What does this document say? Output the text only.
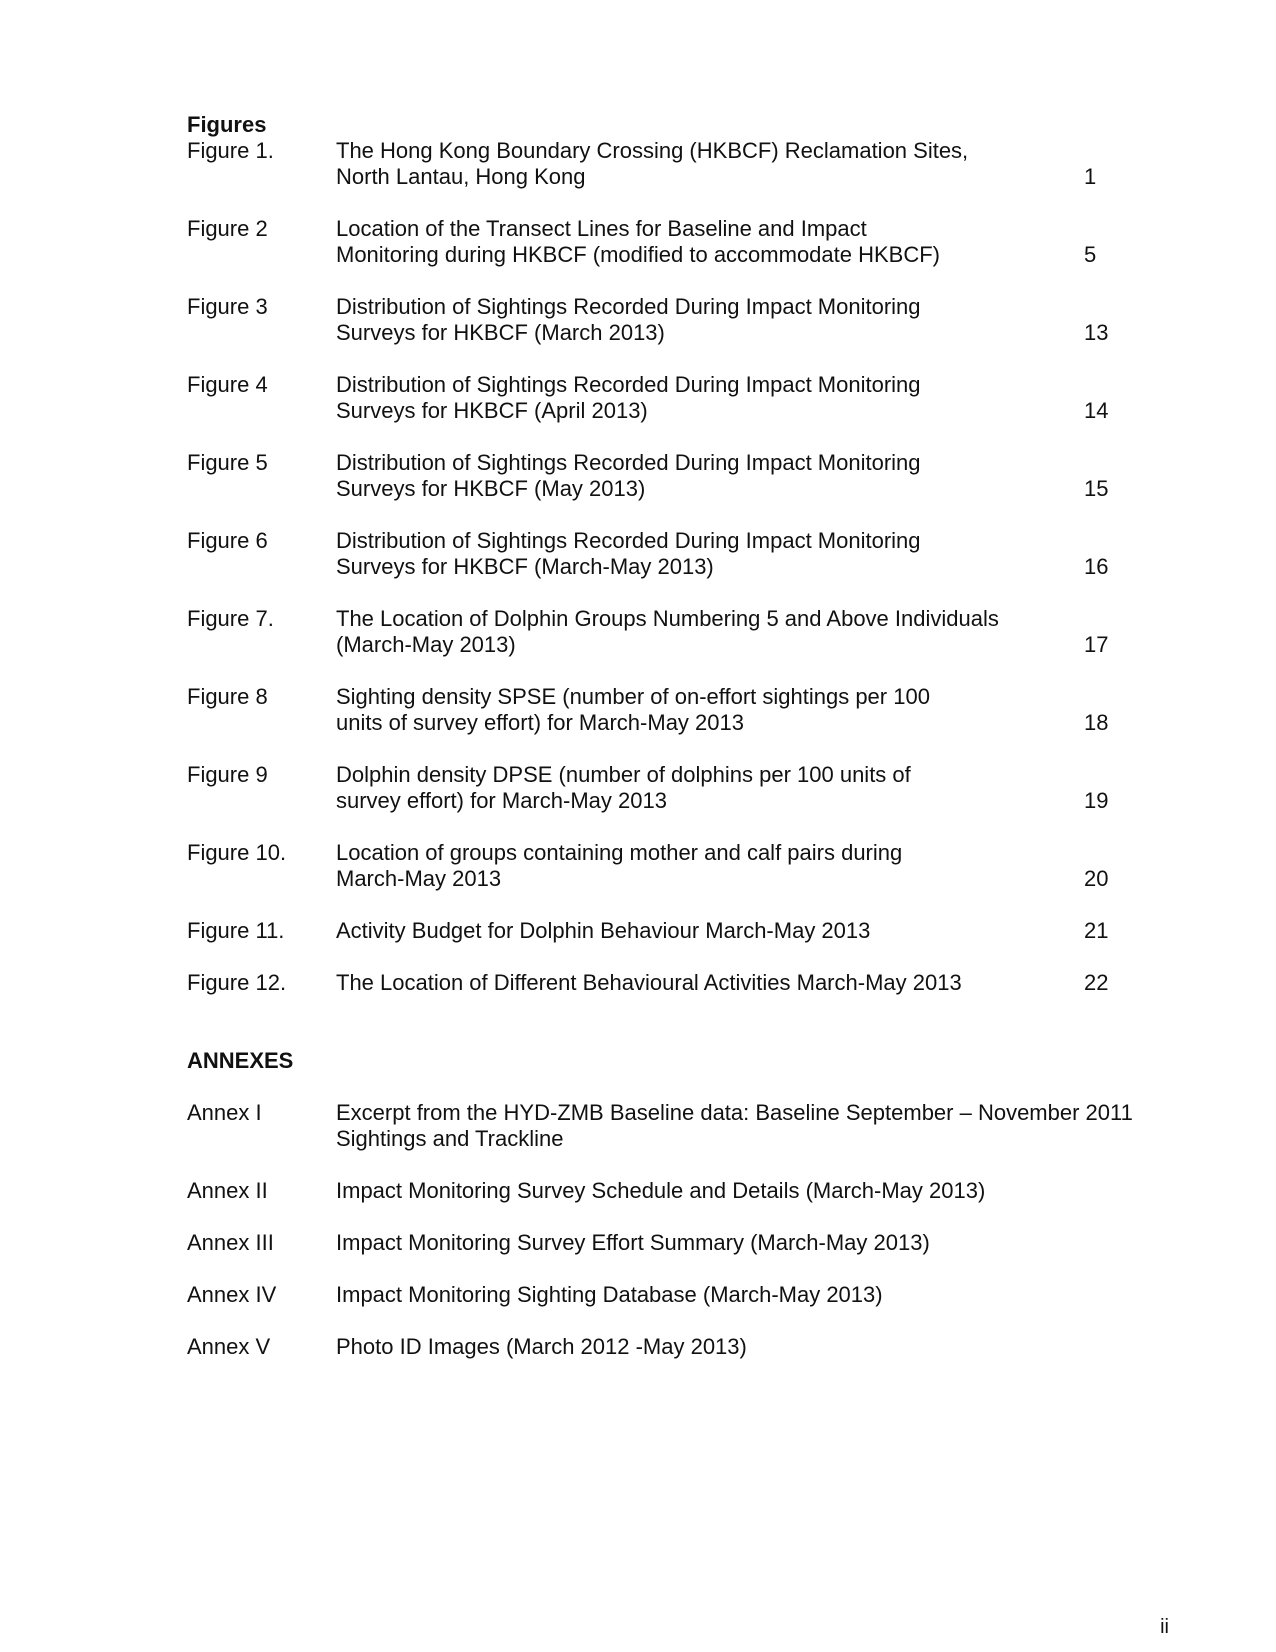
Figures
Figure 1.	The Hong Kong Boundary Crossing (HKBCF) Reclamation Sites,
North Lantau, Hong Kong	1
Figure 2	Location of the Transect Lines for Baseline and Impact
Monitoring during HKBCF (modified to accommodate HKBCF)	5
Figure 3	Distribution of Sightings Recorded During Impact Monitoring
Surveys for HKBCF (March 2013)	13
Figure 4	Distribution of Sightings Recorded During Impact Monitoring
Surveys for HKBCF (April 2013)	14
Figure 5	Distribution of Sightings Recorded During Impact Monitoring
Surveys for HKBCF (May 2013)	15
Figure 6	Distribution of Sightings Recorded During Impact Monitoring
Surveys for HKBCF (March-May 2013)	16
Figure 7.	The Location of Dolphin Groups Numbering 5 and Above Individuals
(March-May 2013)	17
Figure 8	Sighting density SPSE (number of on-effort sightings per 100
units of survey effort) for March-May 2013	18
Figure 9	Dolphin density DPSE (number of dolphins per 100 units of
survey effort) for March-May 2013	19
Figure 10. Location of groups containing mother and calf pairs during
March-May 2013	20
Figure 11. Activity Budget for Dolphin Behaviour March-May 2013	21
Figure 12. The Location of Different Behavioural Activities March-May 2013	22
ANNEXES
Annex I	Excerpt from the HYD-ZMB Baseline data: Baseline September – November 2011
Sightings and Trackline
Annex II	Impact Monitoring Survey Schedule and Details (March-May 2013)
Annex III	Impact Monitoring Survey Effort Summary (March-May 2013)
Annex IV	Impact Monitoring Sighting Database (March-May 2013)
Annex V	Photo ID Images (March 2012 -May 2013)
ii
